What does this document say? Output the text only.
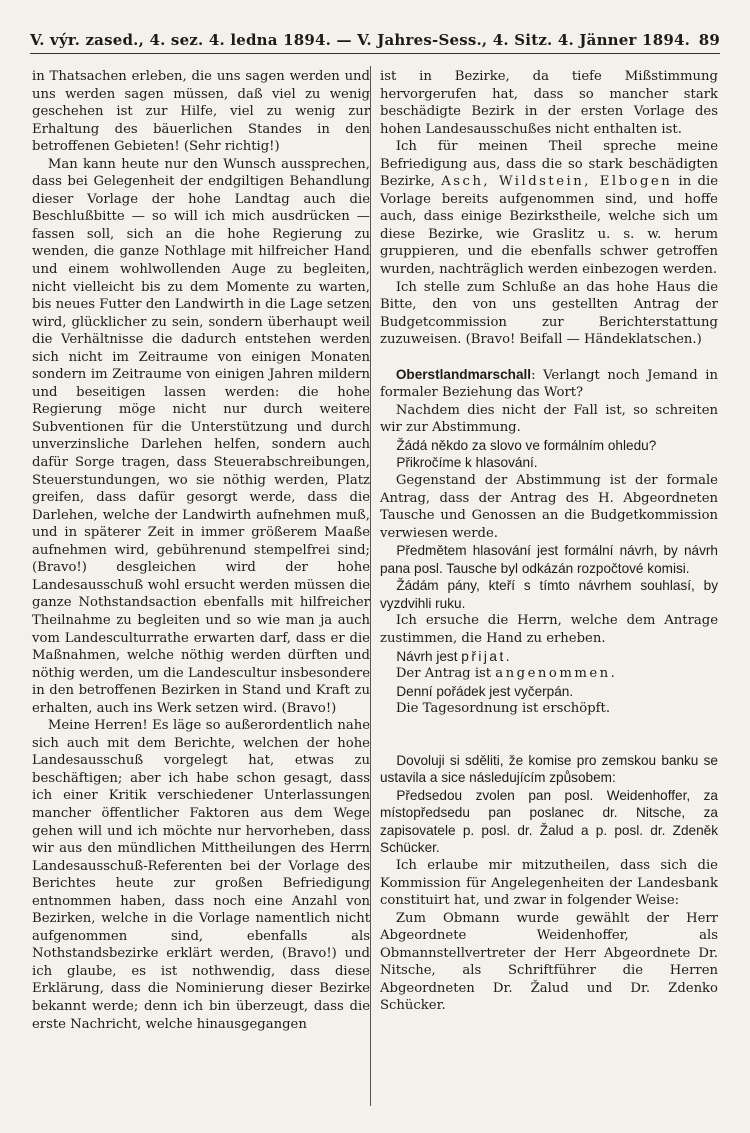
V. výr. zased., 4. sez. 4. ledna 1894. — V. Jahres-Sess., 4. Sitz. 4. Jänner 1894. 89

in Thatsachen erleben, die uns sagen werden und uns werden sagen müssen, daß viel zu wenig geschehen ist zur Hilfe, viel zu wenig zur Erhaltung des bäuerlichen Standes in den betroffenen Gebieten! (Sehr richtig!)

Man kann heute nur den Wunsch aussprechen, dass bei Gelegenheit der endgiltigen Behandlung dieser Vorlage der hohe Landtag auch die Beschlußbitte — so will ich mich ausdrücken — fassen soll, sich an die hohe Regierung zu wenden, die ganze Nothlage mit hilfreicher Hand und einem wohlwollenden Auge zu begleiten, nicht vielleicht bis zu dem Momente zu warten, bis neues Futter den Landwirth in die Lage setzen wird, glücklicher zu sein, sondern überhaupt weil die Verhältnisse die dadurch entstehen werden sich nicht im Zeitraume von einigen Monaten sondern im Zeitraume von einigen Jahren mildern und beseitigen lassen werden: die hohe Regierung möge nicht nur durch weitere Subventionen für die Unterstützung und durch unverzinsliche Darlehen helfen, sondern auch dafür Sorge tragen, dass Steuerabschreibungen, Steuerstundungen, wo sie nöthig werden, Platz greifen, dass dafür gesorgt werde, dass die Darlehen, welche der Landwirth aufnehmen muß, und in späterer Zeit in immer größerem Maaße aufnehmen wird, gebührenund stempelfrei sind; (Bravo!) desgleichen wird der hohe Landesausschuß wohl ersucht werden müssen die ganze Nothstandsaction ebenfalls mit hilfreicher Theilnahme zu begleiten und so wie man ja auch vom Landesculturrathe erwarten darf, dass er die Maßnahmen, welche nöthig werden dürften und nöthig werden, um die Landescultur insbesondere in den betroffenen Bezirken in Stand und Kraft zu erhalten, auch ins Werk setzen wird. (Bravo!)

Meine Herren! Es läge so außerordentlich nahe sich auch mit dem Berichte, welchen der hohe Landesausschuß vorgelegt hat, etwas zu beschäftigen; aber ich habe schon gesagt, dass ich einer Kritik verschiedener Unterlassungen mancher öffentlicher Faktoren aus dem Wege gehen will und ich möchte nur hervorheben, dass wir aus den mündlichen Mittheilungen des Herrn Landesausschuß-Referenten bei der Vorlage des Berichtes heute zur großen Befriedigung entnommen haben, dass noch eine Anzahl von Bezirken, welche in die Vorlage namentlich nicht aufgenommen sind, ebenfalls als Nothstandsbezirke erklärt werden, (Bravo!) und ich glaube, es ist nothwendig, dass diese Erklärung, dass die Nominierung dieser Bezirke bekannt werde; denn ich bin überzeugt, dass die erste Nachricht, welche hinausgegangen

ist in Bezirke, da tiefe Mißstimmung hervorgerufen hat, dass so mancher stark beschädigte Bezirk in der ersten Vorlage des hohen Landesausschußes nicht enthalten ist.

Ich für meinen Theil spreche meine Befriedigung aus, dass die so stark beschädigten Bezirke, Asch, Wildstein, Elbogen in die Vorlage bereits aufgenommen sind, und hoffe auch, dass einige Bezirkstheile, welche sich um diese Bezirke, wie Graslitz u. s. w. herum gruppieren, und die ebenfalls schwer getroffen wurden, nachträglich werden einbezogen werden.

Ich stelle zum Schluße an das hohe Haus die Bitte, den von uns gestellten Antrag der Budgetcommission zur Berichterstattung zuzuweisen. (Bravo! Beifall — Händeklatschen.)

Oberstlandmarschall: Verlangt noch Jemand in formaler Beziehung das Wort?

Nachdem dies nicht der Fall ist, so schreiten wir zur Abstimmung.

Žádá někdo za slovo ve formálním ohledu?

Přikročíme k hlasování.

Gegenstand der Abstimmung ist der formale Antrag, dass der Antrag des H. Abgeordneten Tausche und Genossen an die Budgetkommission verwiesen werde.

Předmětem hlasování jest formální návrh, by návrh pana posl. Tausche byl odkázán rozpočtové komisi.

Žádám pány, kteří s tímto návrhem souhlasí, by vyzdvihli ruku.

Ich ersuche die Herrn, welche dem Antrage zustimmen, die Hand zu erheben.

Návrh jest přijat.

Der Antrag ist angenommen.

Denní pořádek jest vyčerpán.

Die Tagesordnung ist erschöpft.

Dovoluji si sděliti, že komise pro zemskou banku se ustavila a sice následujícím způsobem:

Předsedou zvolen pan posl. Weidenhoffer, za místopředsedu pan poslanec dr. Nitsche, za zapisovatele p. posl. dr. Žalud a p. posl. dr. Zdeněk Schücker.

Ich erlaube mir mitzutheilen, dass sich die Kommission für Angelegenheiten der Landesbank constituirt hat, und zwar in folgender Weise:

Zum Obmann wurde gewählt der Herr Abgeordnete Weidenhoffer, als Obmannstellvertreter der Herr Abgeordnete Dr. Nitsche, als Schriftführer die Herren Abgeordneten Dr. Žalud und Dr. Zdenko Schücker.
